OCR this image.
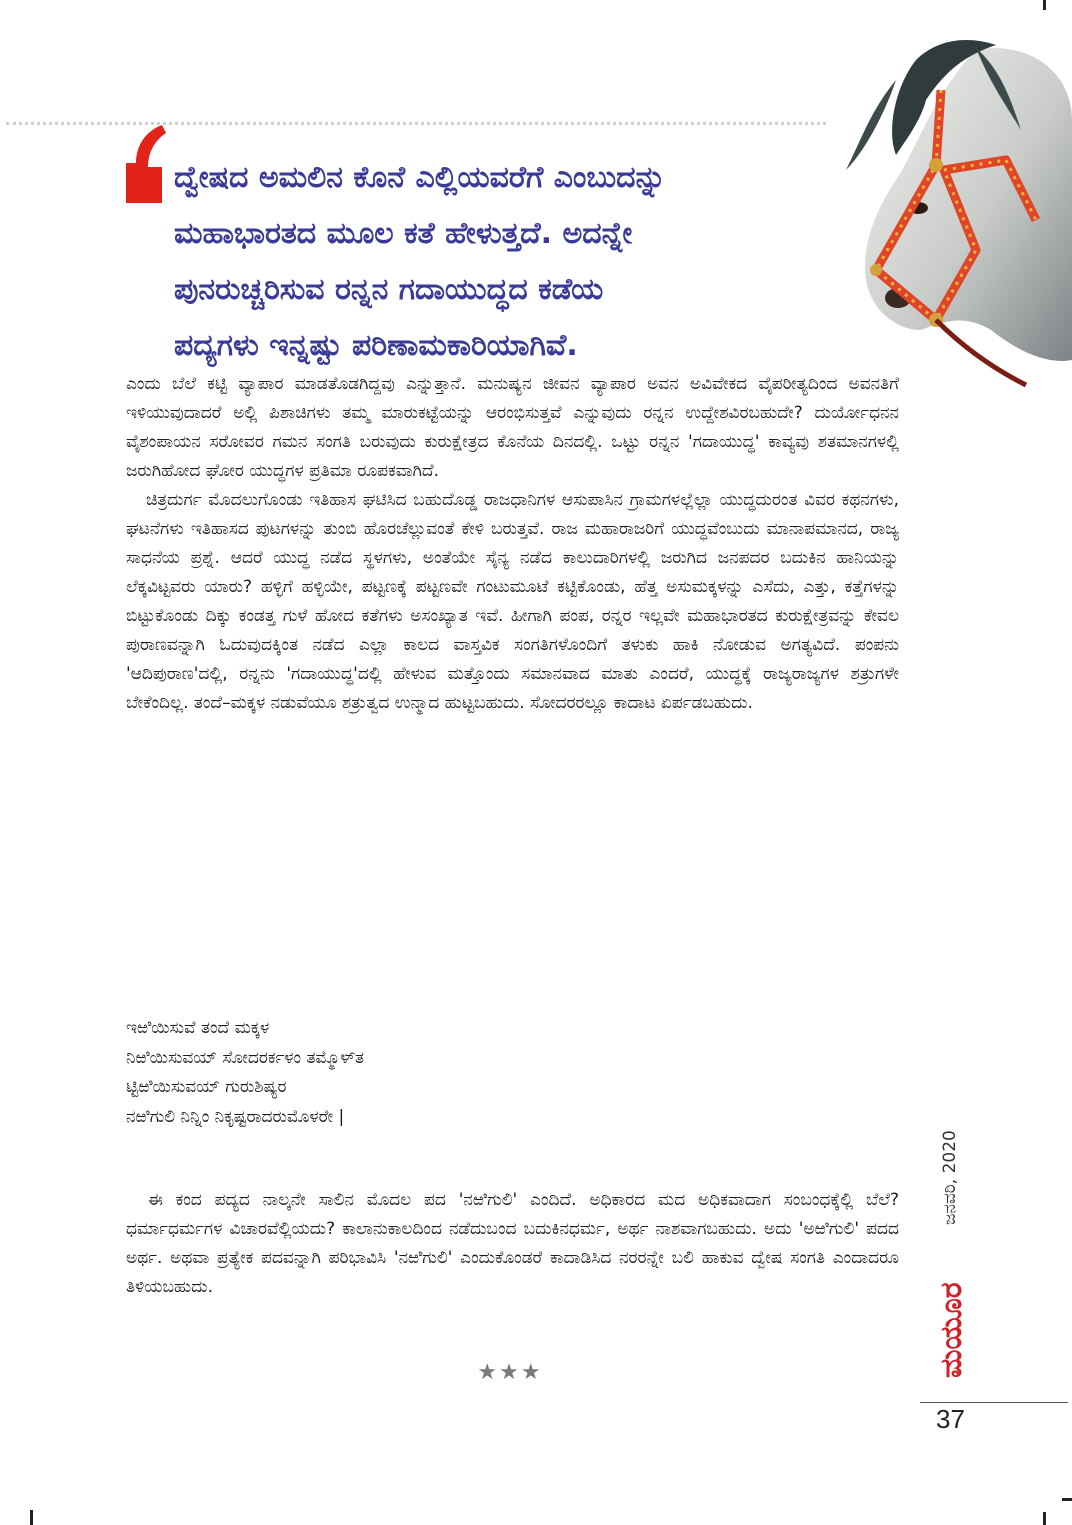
ದ್ವೇಷದ ಅಮಲಿನ ಕೊನೆ ಎಲ್ಲಿಯವರೆಗೆ ಎಂಬುದನ್ನು
ಮಹಾಭಾರತದ ಮೂಲ ಕತೆ ಹೇಳುತ್ತದೆ. ಅದನ್ನೇ
ಪುನರುಚ್ಚರಿಸುವ ರನ್ನನ ಗದಾಯುದ್ಧದ ಕಡೆಯ
ಪದ್ಯಗಳು ಇನ್ನಷ್ಟು ಪರಿಣಾಮಕಾರಿಯಾಗಿವೆ.

ಎಂದು ಬೆಲೆ ಕಟ್ಟಿ ವ್ಯಾಪಾರ ಮಾಡತೊಡಗಿದ್ದವು ಎನ್ನುತ್ತಾನೆ. ಮನುಷ್ಯನ ಜೀವನ ವ್ಯಾಪಾರ ಅವನ ಅವಿವೇಕದ ವೈಪರೀತ್ಯದಿಂದ ಅವನತಿಗೆ ಇಳಿಯುವುದಾದರೆ ಅಲ್ಲಿ ಪಿಶಾಚಿಗಳು ತಮ್ಮ ಮಾರುಕಟ್ಟೆಯನ್ನು ಆರಂಭಿಸುತ್ತವೆ ಎನ್ನುವುದು ರನ್ನನ ಉದ್ದೇಶವಿರಬಹುದೇ? ದುರ್ಯೋಧನನ ವೈಶಂಪಾಯನ ಸರೋವರ ಗಮನ ಸಂಗತಿ ಬರುವುದು ಕುರುಕ್ಷೇತ್ರದ ಕೊನೆಯ ದಿನದಲ್ಲಿ. ಒಟ್ಟು ರನ್ನನ 'ಗದಾಯುದ್ಧ' ಕಾವ್ಯವು ಶತಮಾನಗಳಲ್ಲಿ ಜರುಗಿಹೋದ ಘೋರ ಯುದ್ಧಗಳ ಪ್ರತಿಮಾ ರೂಪಕವಾಗಿದೆ.

ಚಿತ್ರದುರ್ಗ ಮೊದಲುಗೊಂಡು ಇತಿಹಾಸ ಘಟಿಸಿದ ಬಹುದೊಡ್ಡ ರಾಜಧಾನಿಗಳ ಆಸುಪಾಸಿನ ಗ್ರಾಮಗಳಲ್ಲೆಲ್ಲಾ ಯುದ್ಧದುರಂತ ವಿವರ ಕಥನಗಳು, ಘಟನೆಗಳು ಇತಿಹಾಸದ ಪುಟಗಳನ್ನು ತುಂಬಿ ಹೊರಚೆಲ್ಲುವಂತೆ ಕೇಳಿ ಬರುತ್ತವೆ. ರಾಜ ಮಹಾರಾಜರಿಗೆ ಯುದ್ಧವೆಂಬುದು ಮಾನಾಪಮಾನದ, ರಾಜ್ಯ ಸಾಧನೆಯ ಪ್ರಶ್ನೆ. ಆದರೆ ಯುದ್ಧ ನಡೆದ ಸ್ಥಳಗಳು, ಅಂತೆಯೇ ಸೈನ್ಯ ನಡೆದ ಕಾಲುದಾರಿಗಳಲ್ಲಿ ಜರುಗಿದ ಜನಪದರ ಬದುಕಿನ ಹಾನಿಯನ್ನು ಲೆಕ್ಕವಿಟ್ಟವರು ಯಾರು? ಹಳ್ಳಿಗೆ ಹಳ್ಳಿಯೇ, ಪಟ್ಟಣಕ್ಕೆ ಪಟ್ಟಣವೇ ಗಂಟುಮೂಟೆ ಕಟ್ಟಿಕೊಂಡು, ಹೆತ್ತ ಅಸುಮಕ್ಕಳನ್ನು ಎಸೆದು, ಎತ್ತು, ಕತ್ತೆಗಳನ್ನು ಬಿಟ್ಟುಕೊಂಡು ದಿಕ್ಕು ಕಂಡತ್ತ ಗುಳೆ ಹೋದ ಕತೆಗಳು ಅಸಂಖ್ಯಾತ ಇವೆ. ಹೀಗಾಗಿ ಪಂಪ, ರನ್ನರ ಇಲ್ಲವೇ ಮಹಾಭಾರತದ ಕುರುಕ್ಷೇತ್ರವನ್ನು ಕೇವಲ ಪುರಾಣವನ್ನಾಗಿ ಓದುವುದಕ್ಕಿಂತ ನಡೆದ ಎಲ್ಲಾ ಕಾಲದ ವಾಸ್ತವಿಕ ಸಂಗತಿಗಳೊಂದಿಗೆ ತಳುಕು ಹಾಕಿ ನೋಡುವ ಅಗತ್ಯವಿದೆ. ಪಂಪನು 'ಆದಿಪುರಾಣ'ದಲ್ಲಿ, ರನ್ನನು 'ಗದಾಯುದ್ಧ'ದಲ್ಲಿ ಹೇಳುವ ಮತ್ತೊಂದು ಸಮಾನವಾದ ಮಾತು ಎಂದರೆ, ಯುದ್ಧಕ್ಕೆ ರಾಜ್ಯರಾಜ್ಯಗಳ ಶತ್ರುಗಳೇ ಬೇಕೆಂದಿಲ್ಲ. ತಂದೆ–ಮಕ್ಕಳ ನಡುವೆಯೂ ಶತ್ರುತ್ವದ ಉನ್ಮಾದ ಹುಟ್ಟಬಹುದು. ಸೋದರರಲ್ಲೂ ಕಾದಾಟ ಏರ್ಪಡಬಹುದು.

ಇಱಿಯಿಸುವೆ ತಂದೆ ಮಕ್ಕಳ
ನಿಱಿಯಿಸುವಯ್ ಸೋದರರ್ಕಳಂ ತಮ್ಮೊಳ್‌ತ
ಟ್ಟಿಱಿಯಿಸುವಯ್ ಗುರುಶಿಷ್ಯರ
ನಱಿಗುಲಿ ನಿನ್ನಿಂ ನಿಕೃಷ್ಟರಾದರುಮೊಳರೇ |

ಈ ಕಂದ ಪದ್ಯದ ನಾಲ್ಕನೇ ಸಾಲಿನ ಮೊದಲ ಪದ 'ನಱಿಗುಲಿ' ಎಂದಿದೆ. ಅಧಿಕಾರದ ಮದ ಅಧಿಕವಾದಾಗ ಸಂಬಂಧಕ್ಕೆಲ್ಲಿ ಬೆಲೆ? ಧರ್ಮಾಧರ್ಮಗಳ ವಿಚಾರವೆಲ್ಲಿಯದು? ಕಾಲಾನುಕಾಲದಿಂದ ನಡೆದುಬಂದ ಬದುಕಿನಧರ್ಮ, ಅರ್ಥ ನಾಶವಾಗಬಹುದು. ಅದು 'ಅಱಿಗುಲಿ' ಪದದ ಅರ್ಥ. ಅಥವಾ ಪ್ರತ್ಯೇಕ ಪದವನ್ನಾಗಿ ಪರಿಭಾವಿಸಿ 'ನಱಿಗುಲಿ' ಎಂದುಕೊಂಡರೆ ಕಾದಾಡಿಸಿದ ನರರನ್ನೇ ಬಲಿ ಹಾಕುವ ದ್ವೇಷ ಸಂಗತಿ ಎಂದಾದರೂ ತಿಳಿಯಬಹುದು.

★★★
ಜನವರಿ, 2020
ಮಯೂರ
37
